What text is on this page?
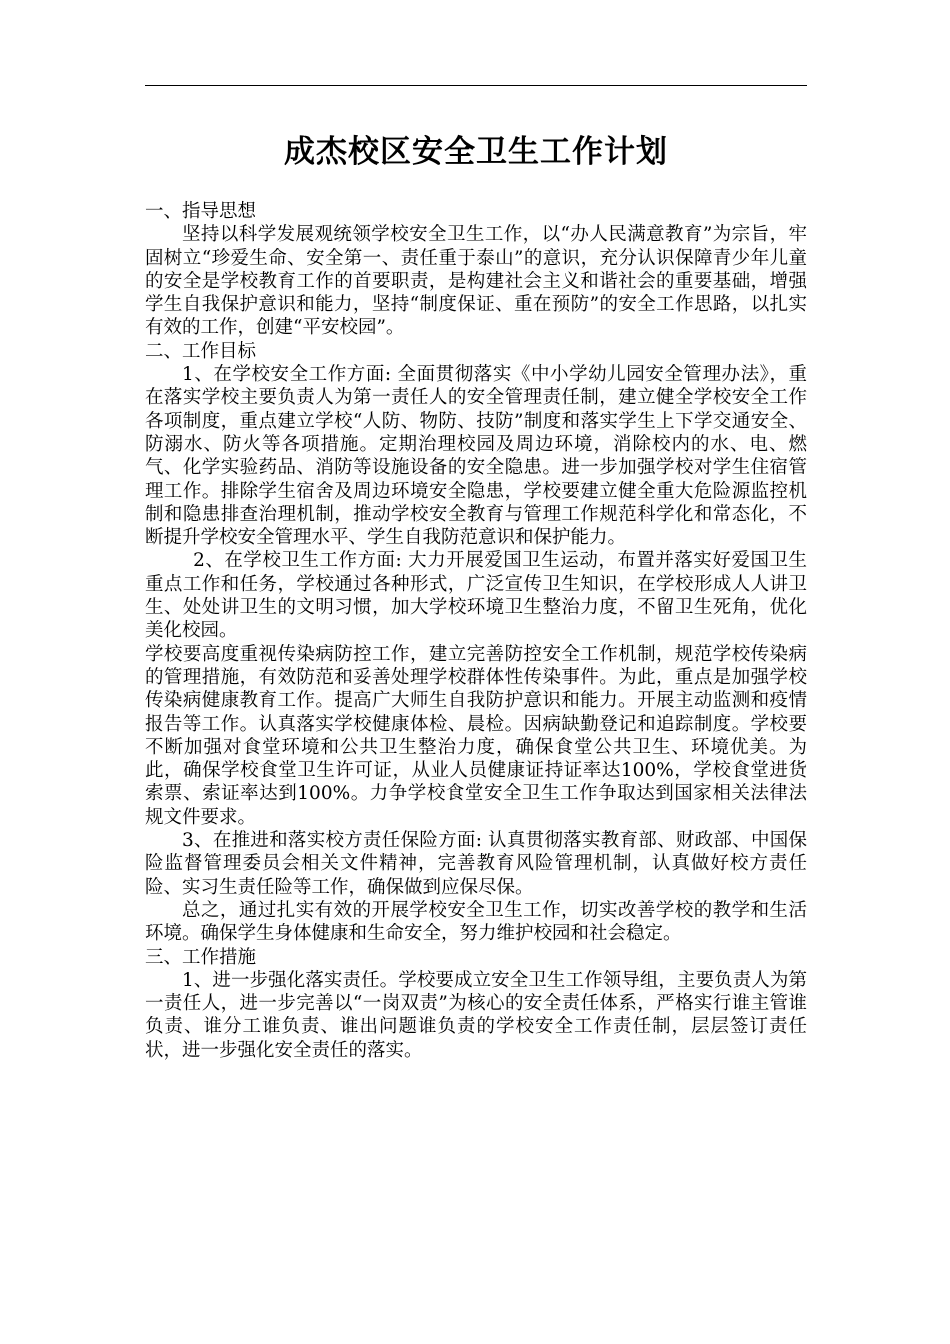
成杰校区安全卫生工作计划

一、指导思想

坚持以科学发展观统领学校安全卫生工作，以“办人民满意教育”为宗旨，牢固树立“珍爱生命、安全第一、责任重于泰山”的意识，充分认识保障青少年儿童的安全是学校教育工作的首要职责，是构建社会主义和谐社会的重要基础，增强学生自我保护意识和能力，坚持“制度保证、重在预防”的安全工作思路，以扎实有效的工作，创建“平安校园”。

二、工作目标

1、在学校安全工作方面: 全面贯彻落实《中小学幼儿园安全管理办法》，重在落实学校主要负责人为第一责任人的安全管理责任制，建立健全学校安全工作各项制度，重点建立学校“人防、物防、技防”制度和落实学生上下学交通安全、防溺水、防火等各项措施。定期治理校园及周边环境，消除校内的水、电、燃气、化学实验药品、消防等设施设备的安全隐患。进一步加强学校对学生住宿管理工作。排除学生宿舍及周边环境安全隐患，学校要建立健全重大危险源监控机制和隐患排查治理机制，推动学校安全教育与管理工作规范科学化和常态化，不断提升学校安全管理水平、学生自我防范意识和保护能力。

2、在学校卫生工作方面: 大力开展爱国卫生运动，布置并落实好爱国卫生重点工作和任务，学校通过各种形式，广泛宣传卫生知识，在学校形成人人讲卫生、处处讲卫生的文明习惯，加大学校环境卫生整治力度，不留卫生死角，优化美化校园。

学校要高度重视传染病防控工作，建立完善防控安全工作机制，规范学校传染病的管理措施，有效防范和妥善处理学校群体性传染事件。为此，重点是加强学校传染病健康教育工作。提高广大师生自我防护意识和能力。开展主动监测和疫情报告等工作。认真落实学校健康体检、晨检。因病缺勤登记和追踪制度。学校要不断加强对食堂环境和公共卫生整治力度，确保食堂公共卫生、环境优美。为此，确保学校食堂卫生许可证，从业人员健康证持证率达100%，学校食堂进货索票、索证率达到100%。力争学校食堂安全卫生工作争取达到国家相关法律法规文件要求。

3、在推进和落实校方责任保险方面: 认真贯彻落实教育部、财政部、中国保险监督管理委员会相关文件精神，完善教育风险管理机制，认真做好校方责任险、实习生责任险等工作，确保做到应保尽保。

总之，通过扎实有效的开展学校安全卫生工作，切实改善学校的教学和生活环境。确保学生身体健康和生命安全，努力维护校园和社会稳定。

三、工作措施

1、进一步强化落实责任。学校要成立安全卫生工作领导组，主要负责人为第一责任人，进一步完善以“一岗双责”为核心的安全责任体系，严格实行谁主管谁负责、谁分工谁负责、谁出问题谁负责的学校安全工作责任制，层层签订责任状，进一步强化安全责任的落实。
